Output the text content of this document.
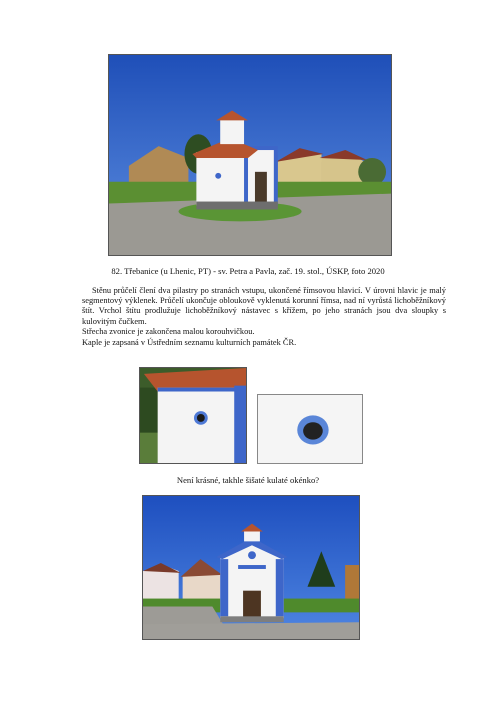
82. Třebanice (u Lhenic, PT) - sv. Petra a Pavla, zač. 19. stol., ÚSKP, foto 2020
Stěnu průčelí člení dva pilastry po stranách vstupu, ukončené římsovou hlavicí. V úrovni hlavic je malý segmentový výklenek. Průčelí ukončuje obloukově vyklenutá korunní římsa, nad ní vyrůstá lichoběžníkový štít. Vrchol štítu prodlužuje lichoběžníkový nástavec s křížem, po jeho stranách jsou dva sloupky s kulovitým čučkem.
Střecha zvonice je zakončena malou korouhvičkou.
Kaple je zapsaná v Ústředním seznamu kulturních památek ČR.
Není krásné, takhle šišaté kulaté okénko?
